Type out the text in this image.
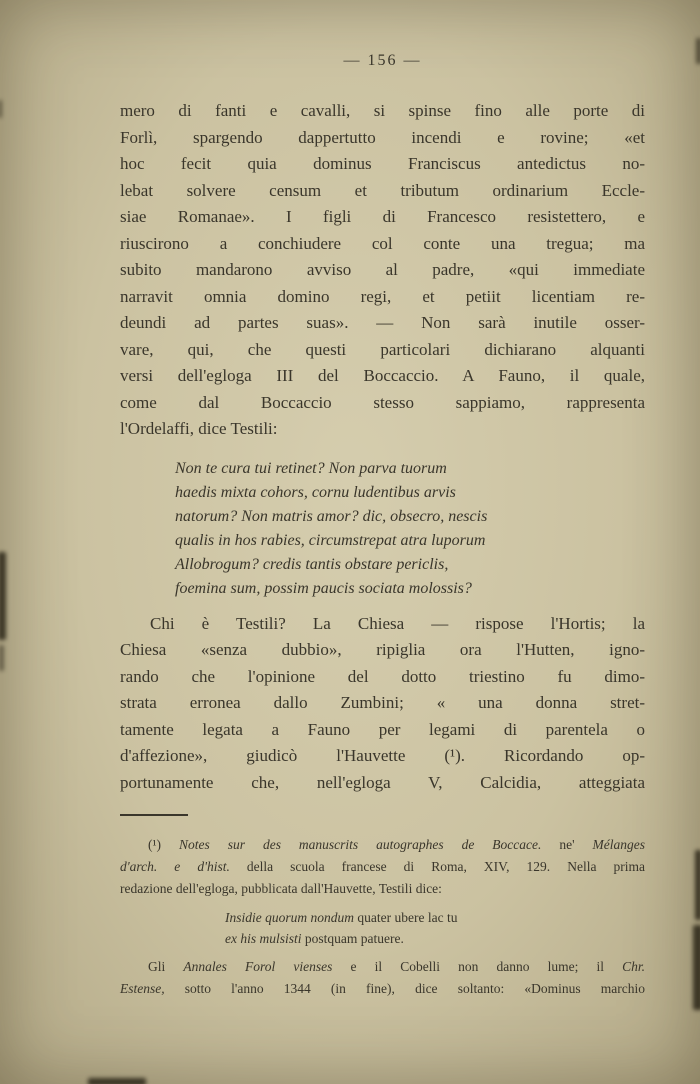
— 156 —
mero di fanti e cavalli, si spinse fino alle porte di
Forlì, spargendo dappertutto incendi e rovine; «et
hoc fecit quia dominus Franciscus antedictus no-
lebat solvere censum et tributum ordinarium Eccle-
siae Romanae». I figli di Francesco resistettero, e
riuscirono a conchiudere col conte una tregua; ma
subito mandarono avviso al padre, «qui immediate
narravit omnia domino regi, et petiit licentiam re-
deundi ad partes suas». — Non sarà inutile osser-
vare, qui, che questi particolari dichiarano alquanti
versi dell'egloga III del Boccaccio. A Fauno, il quale,
come dal Boccaccio stesso sappiamo, rappresenta
l'Ordelaffi, dice Testili:
Non te cura tui retinet? Non parva tuorum
haedis mixta cohors, cornu ludentibus arvis
natorum? Non matris amor? dic, obsecro, nescis
qualis in hos rabies, circumstrepat atra luporum
Allobrogum? credis tantis obstare periclis,
foemina sum, possim paucis sociata molossis?
Chi è Testili? La Chiesa — rispose l'Hortis; la
Chiesa «senza dubbio», ripiglia ora l'Hutten, igno-
rando che l'opinione del dotto triestino fu dimo-
strata erronea dallo Zumbini; « una donna stret-
tamente legata a Fauno per legami di parentela o
d'affezione», giudicò l'Hauvette (¹). Ricordando op-
portunamente che, nell'egloga V, Calcidia, atteggiata
(¹) Notes sur des manuscrits autographes de Boccace. ne' Mélanges
d'arch. e d'hist. della scuola francese di Roma, XIV, 129. Nella prima
redazione dell'egloga, pubblicata dall'Hauvette, Testili dice:
Insidie quorum nondum quater ubere lac tu
ex his mulsisti postquam patuere.
Gli Annales Forol vienses e il Cobelli non danno lume; il Chr.
Estense, sotto l'anno 1344 (in fine), dice soltanto: «Dominus marchio
